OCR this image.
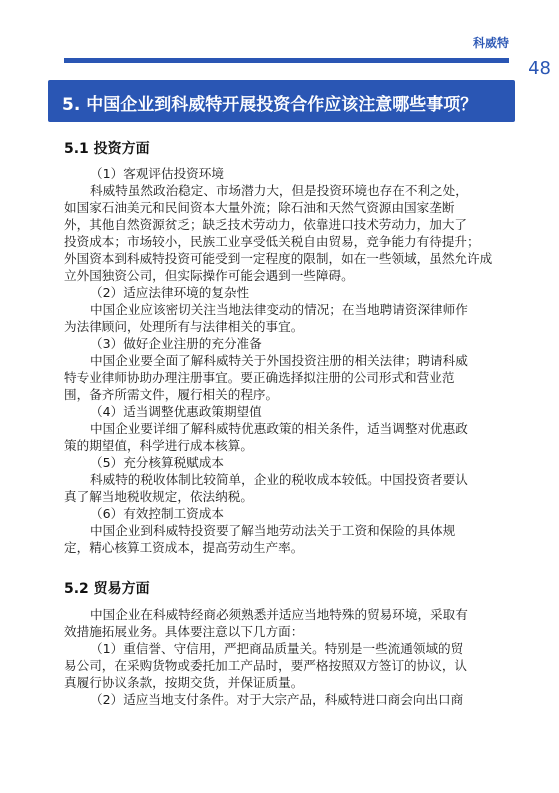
科威特
48
5. 中国企业到科威特开展投资合作应该注意哪些事项？
5.1 投资方面
（1）客观评估投资环境
科威特虽然政治稳定、市场潜力大，但是投资环境也存在不利之处，
如国家石油美元和民间资本大量外流；除石油和天然气资源由国家垄断
外，其他自然资源贫乏；缺乏技术劳动力，依靠进口技术劳动力，加大了
投资成本；市场较小，民族工业享受低关税自由贸易，竞争能力有待提升；
外国资本到科威特投资可能受到一定程度的限制，如在一些领域，虽然允许成
立外国独资公司，但实际操作可能会遇到一些障碍。
（2）适应法律环境的复杂性
中国企业应该密切关注当地法律变动的情况；在当地聘请资深律师作
为法律顾问，处理所有与法律相关的事宜。
（3）做好企业注册的充分准备
中国企业要全面了解科威特关于外国投资注册的相关法律；聘请科威
特专业律师协助办理注册事宜。要正确选择拟注册的公司形式和营业范
围，备齐所需文件，履行相关的程序。
（4）适当调整优惠政策期望值
中国企业要详细了解科威特优惠政策的相关条件，适当调整对优惠政
策的期望值，科学进行成本核算。
（5）充分核算税赋成本
科威特的税收体制比较简单，企业的税收成本较低。中国投资者要认
真了解当地税收规定，依法纳税。
（6）有效控制工资成本
中国企业到科威特投资要了解当地劳动法关于工资和保险的具体规
定，精心核算工资成本，提高劳动生产率。
5.2 贸易方面
中国企业在科威特经商必须熟悉并适应当地特殊的贸易环境，采取有
效措施拓展业务。具体要注意以下几方面：
（1）重信誉、守信用，严把商品质量关。特别是一些流通领域的贸
易公司，在采购货物或委托加工产品时，要严格按照双方签订的协议，认
真履行协议条款，按期交货，并保证质量。
（2）适应当地支付条件。对于大宗产品，科威特进口商会向出口商
